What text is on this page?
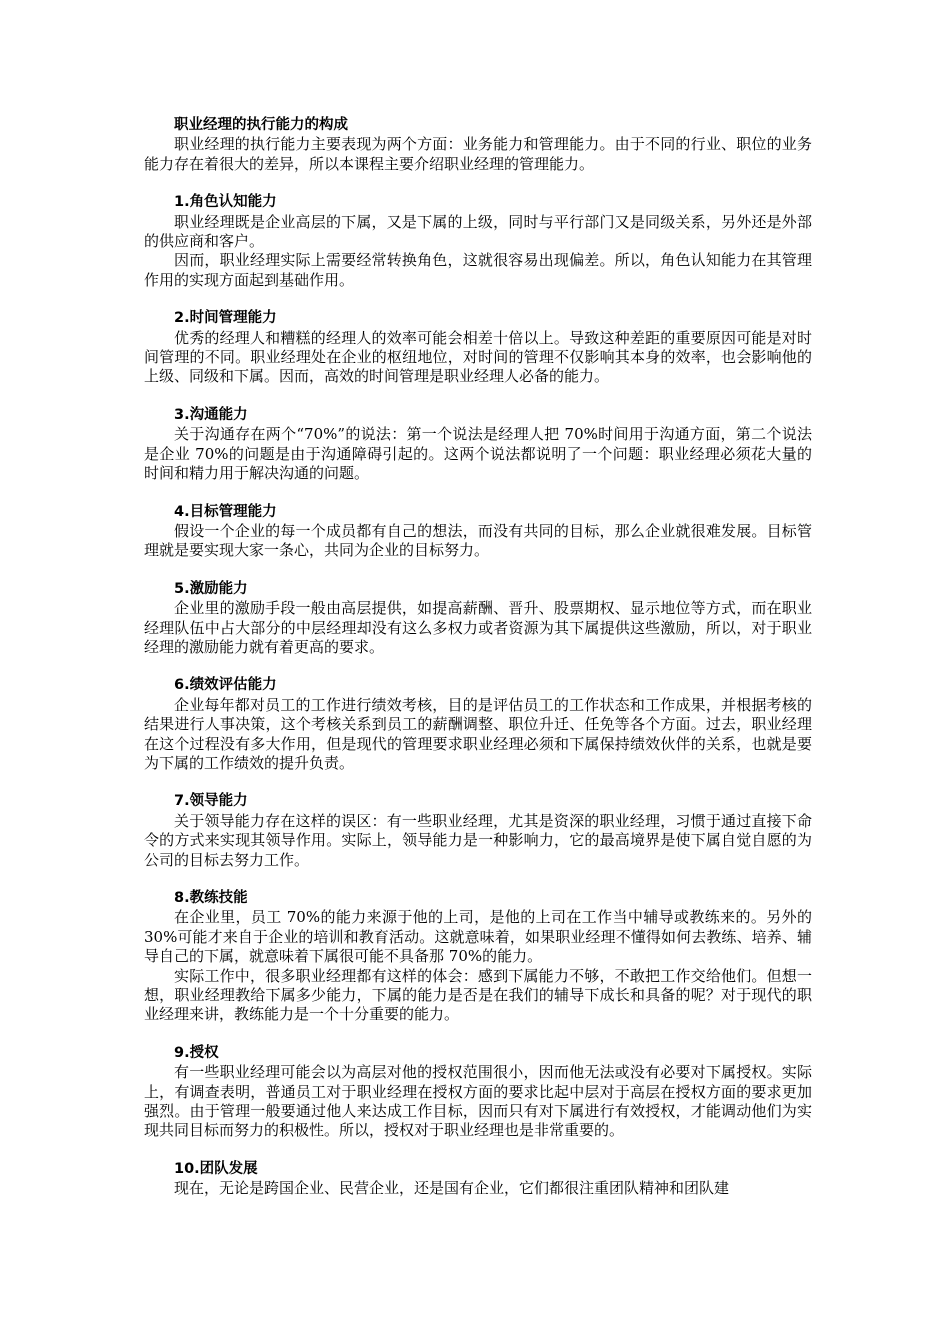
职业经理的执行能力的构成

职业经理的执行能力主要表现为两个方面：业务能力和管理能力。由于不同的行业、职位的业务能力存在着很大的差异，所以本课程主要介绍职业经理的管理能力。

1.角色认知能力

职业经理既是企业高层的下属，又是下属的上级，同时与平行部门又是同级关系，另外还是外部的供应商和客户。

因而，职业经理实际上需要经常转换角色，这就很容易出现偏差。所以，角色认知能力在其管理作用的实现方面起到基础作用。

2.时间管理能力

优秀的经理人和糟糕的经理人的效率可能会相差十倍以上。导致这种差距的重要原因可能是对时间管理的不同。职业经理处在企业的枢纽地位，对时间的管理不仅影响其本身的效率，也会影响他的上级、同级和下属。因而，高效的时间管理是职业经理人必备的能力。

3.沟通能力

关于沟通存在两个“70%”的说法：第一个说法是经理人把 70%时间用于沟通方面，第二个说法是企业 70%的问题是由于沟通障碍引起的。这两个说法都说明了一个问题：职业经理必须花大量的时间和精力用于解决沟通的问题。

4.目标管理能力

假设一个企业的每一个成员都有自己的想法，而没有共同的目标，那么企业就很难发展。目标管理就是要实现大家一条心，共同为企业的目标努力。

5.激励能力

企业里的激励手段一般由高层提供，如提高薪酬、晋升、股票期权、显示地位等方式，而在职业经理队伍中占大部分的中层经理却没有这么多权力或者资源为其下属提供这些激励，所以，对于职业经理的激励能力就有着更高的要求。

6.绩效评估能力

企业每年都对员工的工作进行绩效考核，目的是评估员工的工作状态和工作成果，并根据考核的结果进行人事决策，这个考核关系到员工的薪酬调整、职位升迁、任免等各个方面。过去，职业经理在这个过程没有多大作用，但是现代的管理要求职业经理必须和下属保持绩效伙伴的关系，也就是要为下属的工作绩效的提升负责。

7.领导能力

关于领导能力存在这样的误区：有一些职业经理，尤其是资深的职业经理，习惯于通过直接下命令的方式来实现其领导作用。实际上，领导能力是一种影响力，它的最高境界是使下属自觉自愿的为公司的目标去努力工作。

8.教练技能

在企业里，员工 70%的能力来源于他的上司，是他的上司在工作当中辅导或教练来的。另外的 30%可能才来自于企业的培训和教育活动。这就意味着，如果职业经理不懂得如何去教练、培养、辅导自己的下属，就意味着下属很可能不具备那 70%的能力。

实际工作中，很多职业经理都有这样的体会：感到下属能力不够，不敢把工作交给他们。但想一想，职业经理教给下属多少能力，下属的能力是否是在我们的辅导下成长和具备的呢？对于现代的职业经理来讲，教练能力是一个十分重要的能力。

9.授权

有一些职业经理可能会以为高层对他的授权范围很小，因而他无法或没有必要对下属授权。实际上，有调查表明，普通员工对于职业经理在授权方面的要求比起中层对于高层在授权方面的要求更加强烈。由于管理一般要通过他人来达成工作目标，因而只有对下属进行有效授权，才能调动他们为实现共同目标而努力的积极性。所以，授权对于职业经理也是非常重要的。

10.团队发展

现在，无论是跨国企业、民营企业，还是国有企业，它们都很注重团队精神和团队建
